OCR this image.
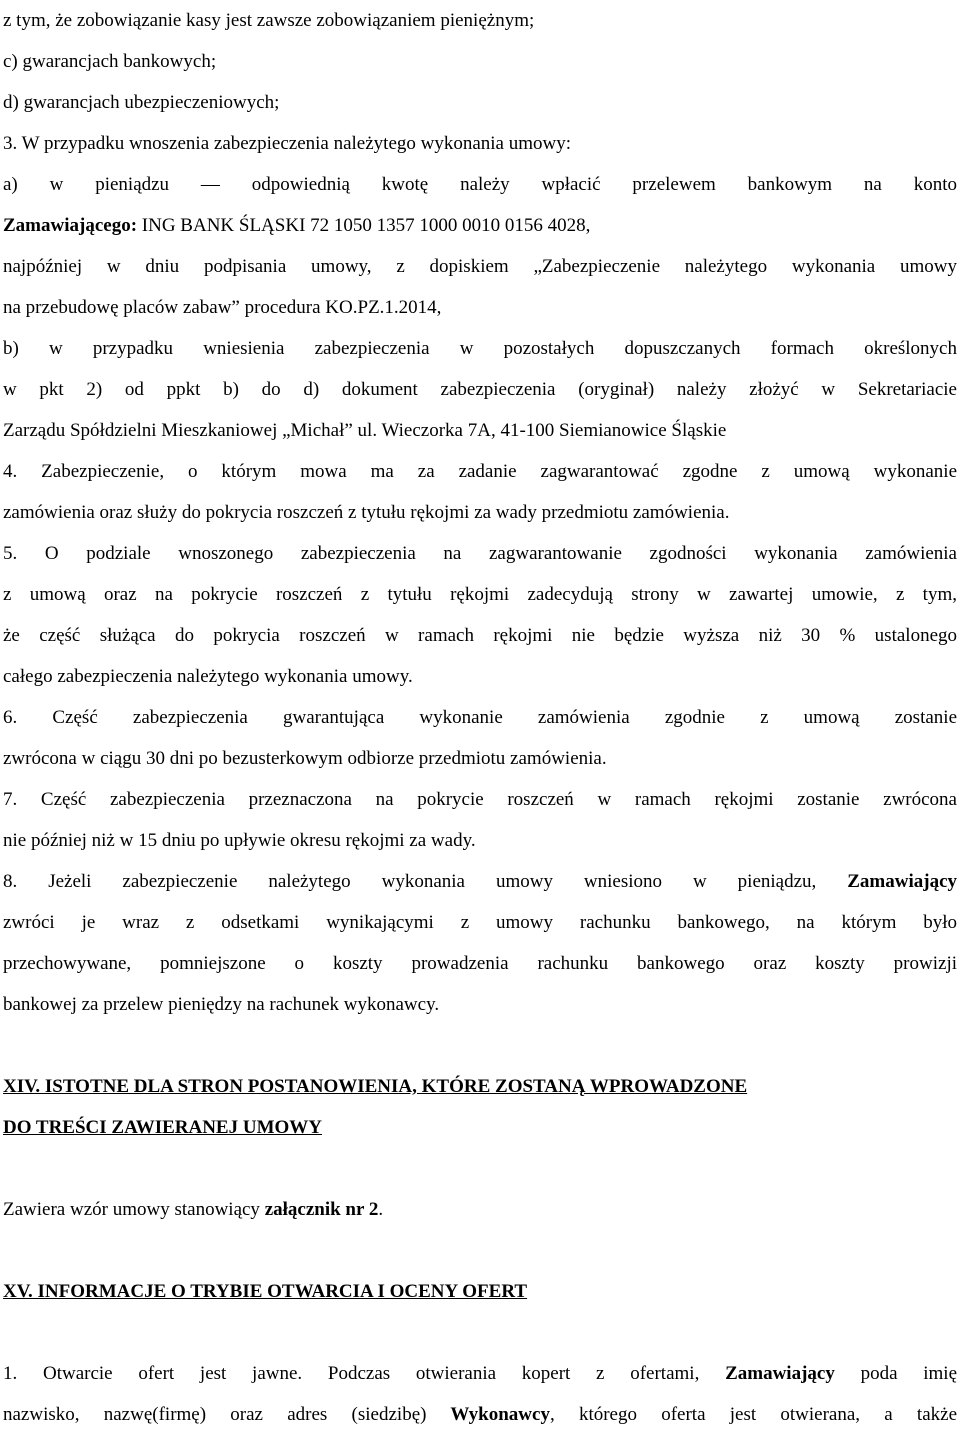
z tym, że zobowiązanie kasy jest zawsze zobowiązaniem pieniężnym;
c) gwarancjach bankowych;
d) gwarancjach ubezpieczeniowych;
3. W przypadku wnoszenia zabezpieczenia należytego wykonania umowy:
a) w pieniądzu — odpowiednią kwotę należy wpłacić przelewem bankowym na konto
Zamawiającego: ING BANK ŚLĄSKI 72 1050 1357 1000 0010 0156 4028,
najpóźniej w dniu podpisania umowy, z dopiskiem „Zabezpieczenie należytego wykonania umowy
na przebudowę placów zabaw” procedura KO.PZ.1.2014,
b) w przypadku wniesienia zabezpieczenia w pozostałych dopuszczanych formach określonych
w pkt 2) od ppkt b) do d) dokument zabezpieczenia (oryginał) należy złożyć w Sekretariacie
Zarządu Spółdzielni Mieszkaniowej „Michał” ul. Wieczorka 7A, 41-100 Siemianowice Śląskie
4. Zabezpieczenie, o którym mowa ma za zadanie zagwarantować zgodne z umową wykonanie
zamówienia oraz służy do pokrycia roszczeń z tytułu rękojmi za wady przedmiotu zamówienia.
5. O podziale wnoszonego zabezpieczenia na zagwarantowanie zgodności wykonania zamówienia
z umową oraz na pokrycie roszczeń z tytułu rękojmi zadecydują strony w zawartej umowie, z tym,
że część służąca do pokrycia roszczeń w ramach rękojmi nie będzie wyższa niż 30 % ustalonego
całego zabezpieczenia należytego wykonania umowy.
6. Część zabezpieczenia gwarantująca wykonanie zamówienia zgodnie z umową zostanie
zwrócona w ciągu 30 dni po bezusterkowym odbiorze przedmiotu zamówienia.
7. Część zabezpieczenia przeznaczona na pokrycie roszczeń w ramach rękojmi zostanie zwrócona
nie później niż w 15 dniu po upływie okresu rękojmi za wady.
8. Jeżeli zabezpieczenie należytego wykonania umowy wniesiono w pieniądzu, Zamawiający
zwróci je wraz z odsetkami wynikającymi z umowy rachunku bankowego, na którym było
przechowywane, pomniejszone o koszty prowadzenia rachunku bankowego oraz koszty prowizji
bankowej za przelew pieniędzy na rachunek wykonawcy.
XIV. ISTOTNE DLA STRON POSTANOWIENIA, KTÓRE ZOSTANĄ WPROWADZONE
DO TREŚCI ZAWIERANEJ UMOWY
Zawiera wzór umowy stanowiący załącznik nr 2.
XV. INFORMACJE O TRYBIE OTWARCIA I OCENY OFERT
1. Otwarcie ofert jest jawne. Podczas otwierania kopert z ofertami, Zamawiający poda imię
nazwisko, nazwę(firmę) oraz adres (siedzibę) Wykonawcy, którego oferta jest otwierana, a także
